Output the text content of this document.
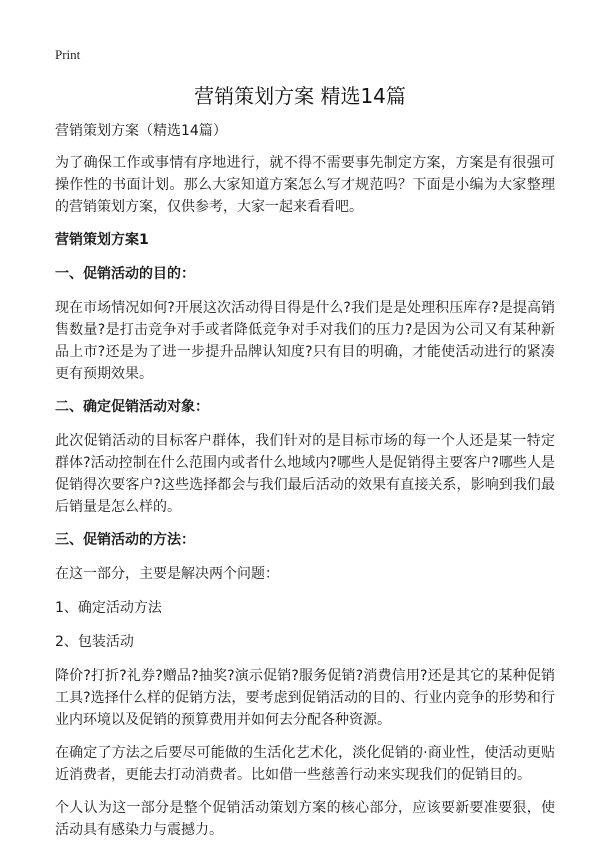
Print
营销策划方案 精选14篇

营销策划方案（精选14篇）

为了确保工作或事情有序地进行，就不得不需要事先制定方案，方案是有很强可操作性的书面计划。那么大家知道方案怎么写才规范吗？下面是小编为大家整理的营销策划方案，仅供参考，大家一起来看看吧。

营销策划方案1

一、促销活动的目的：

现在市场情况如何?开展这次活动得目得是什么?我们是是处理积压库存?是提高销售数量?是打击竞争对手或者降低竞争对手对我们的压力?是因为公司又有某种新品上市?还是为了进一步提升品牌认知度?只有目的明确，才能使活动进行的紧凑更有预期效果。

二、确定促销活动对象：

此次促销活动的目标客户群体，我们针对的是目标市场的每一个人还是某一特定群体?活动控制在什么范围内或者什么地域内?哪些人是促销得主要客户?哪些人是促销得次要客户?这些选择都会与我们最后活动的效果有直接关系，影响到我们最后销量是怎么样的。

三、促销活动的方法：

在这一部分，主要是解决两个问题：

1、确定活动方法

2、包装活动

降价?打折?礼券?赠品?抽奖?演示促销?服务促销?消费信用?还是其它的某种促销工具?选择什么样的促销方法，要考虑到促销活动的目的、行业内竞争的形势和行业内环境以及促销的预算费用并如何去分配各种资源。

在确定了方法之后要尽可能做的生活化艺术化，淡化促销的·商业性，使活动更贴近消费者，更能去打动消费者。比如借一些慈善行动来实现我们的促销目的。

个人认为这一部分是整个促销活动策划方案的核心部分，应该要新要准要狠，使活动具有感染力与震撼力。
